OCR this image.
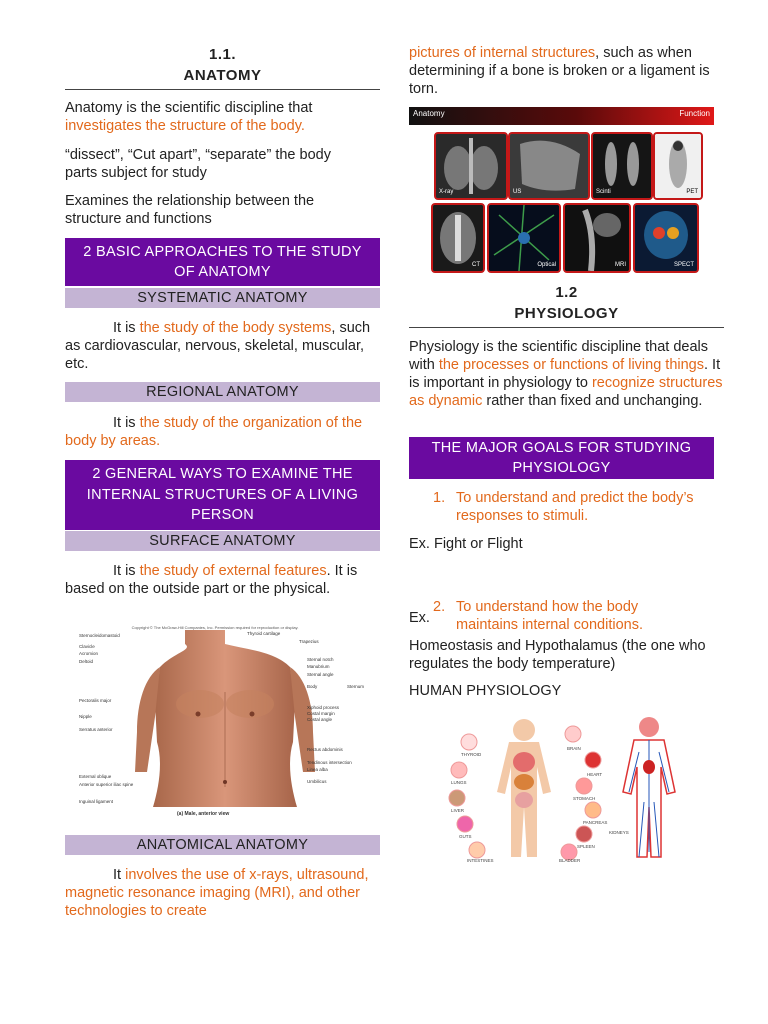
1.1.
ANATOMY

Anatomy is the scientific discipline that investigates the structure of the body.

“dissect”, “Cut apart”, “separate” the body parts subject for study

Examines the relationship between the structure and functions

2 BASIC APPROACHES TO THE STUDY OF ANATOMY
SYSTEMATIC ANATOMY

It is the study of the body systems, such as cardiovascular, nervous, skeletal, muscular, etc.

REGIONAL ANATOMY

It is the study of the organization of the body by areas.

2 GENERAL WAYS TO EXAMINE THE INTERNAL STRUCTURES OF A LIVING PERSON
SURFACE ANATOMY

It is the study of external features. It is based on the outside part or the physical.

Copyright © The McGraw-Hill Companies, Inc. Permission required for reproduction or display.
Sternocleidomastoid
Clavicle
Acromion
Deltoid
Pectoralis major
Nipple
Serratus anterior
External oblique
Anterior superior iliac spine
Inguinal ligament
Thyroid cartilage
Trapezius
Sternal notch
Manubrium
Sternal angle
Body	Sternum
Xiphoid process
Costal margin
Costal angle
Rectus abdominis
Tendinous intersection
Linea alba
Umbilicus
(a) Male, anterior view
ANATOMICAL ANATOMY

It involves the use of x-rays, ultrasound, magnetic resonance imaging (MRI), and other technologies to create

pictures of internal structures, such as when determining if a bone is broken or a ligament is torn.

Anatomy	Function
X-ray	US	Scinti	PET
CT	Optical	MRI	SPECT
1.2
PHYSIOLOGY

Physiology is the scientific discipline that deals with the processes or functions of living things. It is important in physiology to recognize structures as dynamic rather than fixed and unchanging.

THE MAJOR GOALS FOR STUDYING PHYSIOLOGY
1. To understand and predict the body’s responses to stimuli.

Ex. Fight or Flight

2. To understand how the body maintains internal conditions.

Ex.

Homeostasis and Hypothalamus (the one who regulates the body temperature)

HUMAN PHYSIOLOGY

THYROID
BRAIN
LUNGS
HEART
LIVER
STOMACH
PANCREAS
SPLEEN
GUTS
INTESTINES	BLADDER
KIDNEYS
